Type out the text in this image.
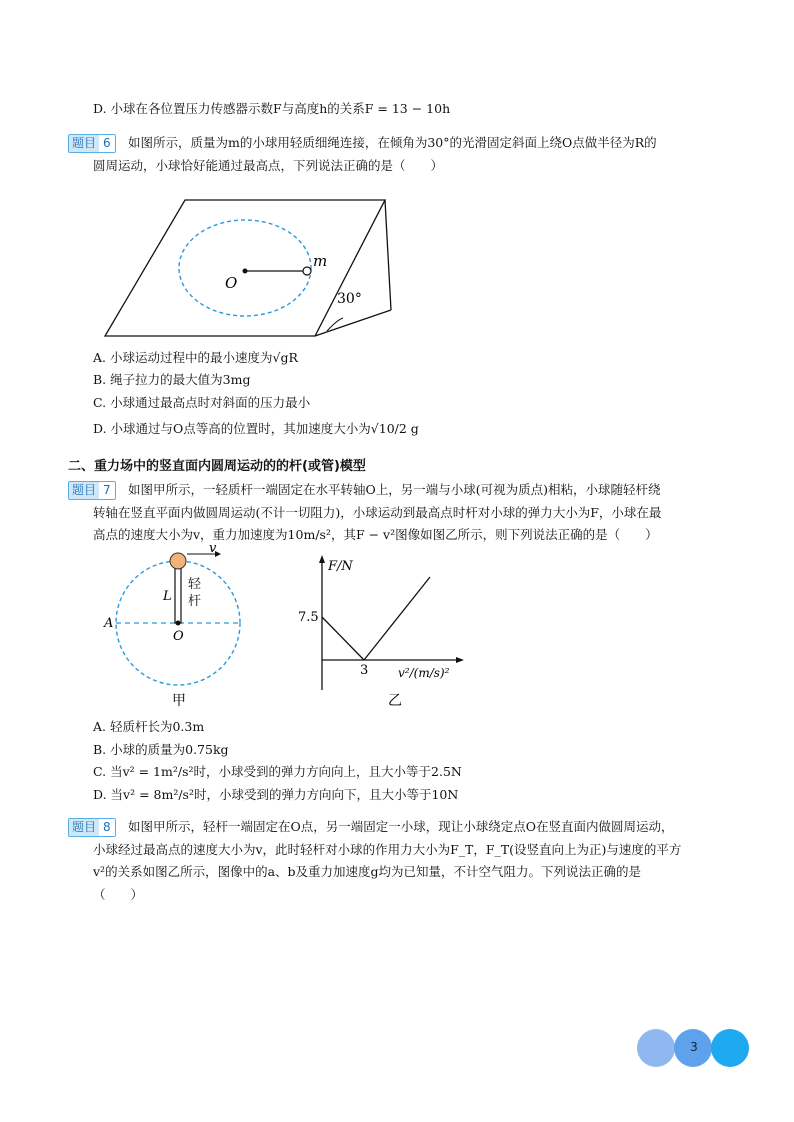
D. 小球在各位置压力传感器示数F与高度h的关系F = 13 − 10h
题目 6	如图所示，质量为m的小球用轻质细绳连接，在倾角为30°的光滑固定斜面上绕O点做半径为R的
圆周运动，小球恰好能通过最高点，下列说法正确的是（　　）
O
m
30°
A. 小球运动过程中的最小速度为√gR
B. 绳子拉力的最大值为3mg
C. 小球通过最高点时对斜面的压力最小
D. 小球通过与O点等高的位置时，其加速度大小为√10/2 g
二、重力场中的竖直面内圆周运动的的杆(或管)模型
题目 7	如图甲所示，一轻质杆一端固定在水平转轴O上，另一端与小球(可视为质点)相粘，小球随轻杆绕
转轴在竖直平面内做圆周运动(不计一切阻力)，小球运动到最高点时杆对小球的弹力大小为F，小球在最
高点的速度大小为v，重力加速度为10m/s²，其F − v²图像如图乙所示，则下列说法正确的是（　　）
v
L
A
O
甲
轻杆
F/N
7.5
3 v²/(m/s)²
乙
A. 轻质杆长为0.3m
B. 小球的质量为0.75kg
C. 当v² = 1m²/s²时，小球受到的弹力方向向上，且大小等于2.5N
D. 当v² = 8m²/s²时，小球受到的弹力方向向下，且大小等于10N
题目 8	如图甲所示，轻杆一端固定在O点，另一端固定一小球，现让小球绕定点O在竖直面内做圆周运动，
小球经过最高点的速度大小为v，此时轻杆对小球的作用力大小为F_T，F_T(设竖直向上为正)与速度的平方
v²的关系如图乙所示，图像中的a、b及重力加速度g均为已知量，不计空气阻力。下列说法正确的是
（　　）
3
